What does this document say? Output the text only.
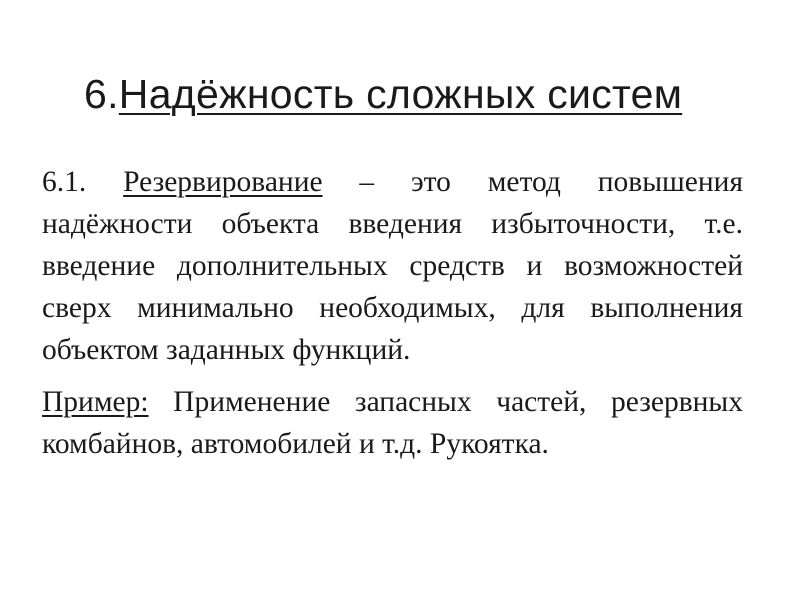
6.Надёжность сложных систем

6.1. Резервирование – это метод повышения надёжности объекта введения избыточности, т.е. введение дополнительных средств и возможностей сверх минимально необходимых, для выполнения объектом заданных функций.

Пример: Применение запасных частей, резервных комбайнов, автомобилей и т.д. Рукоятка.
